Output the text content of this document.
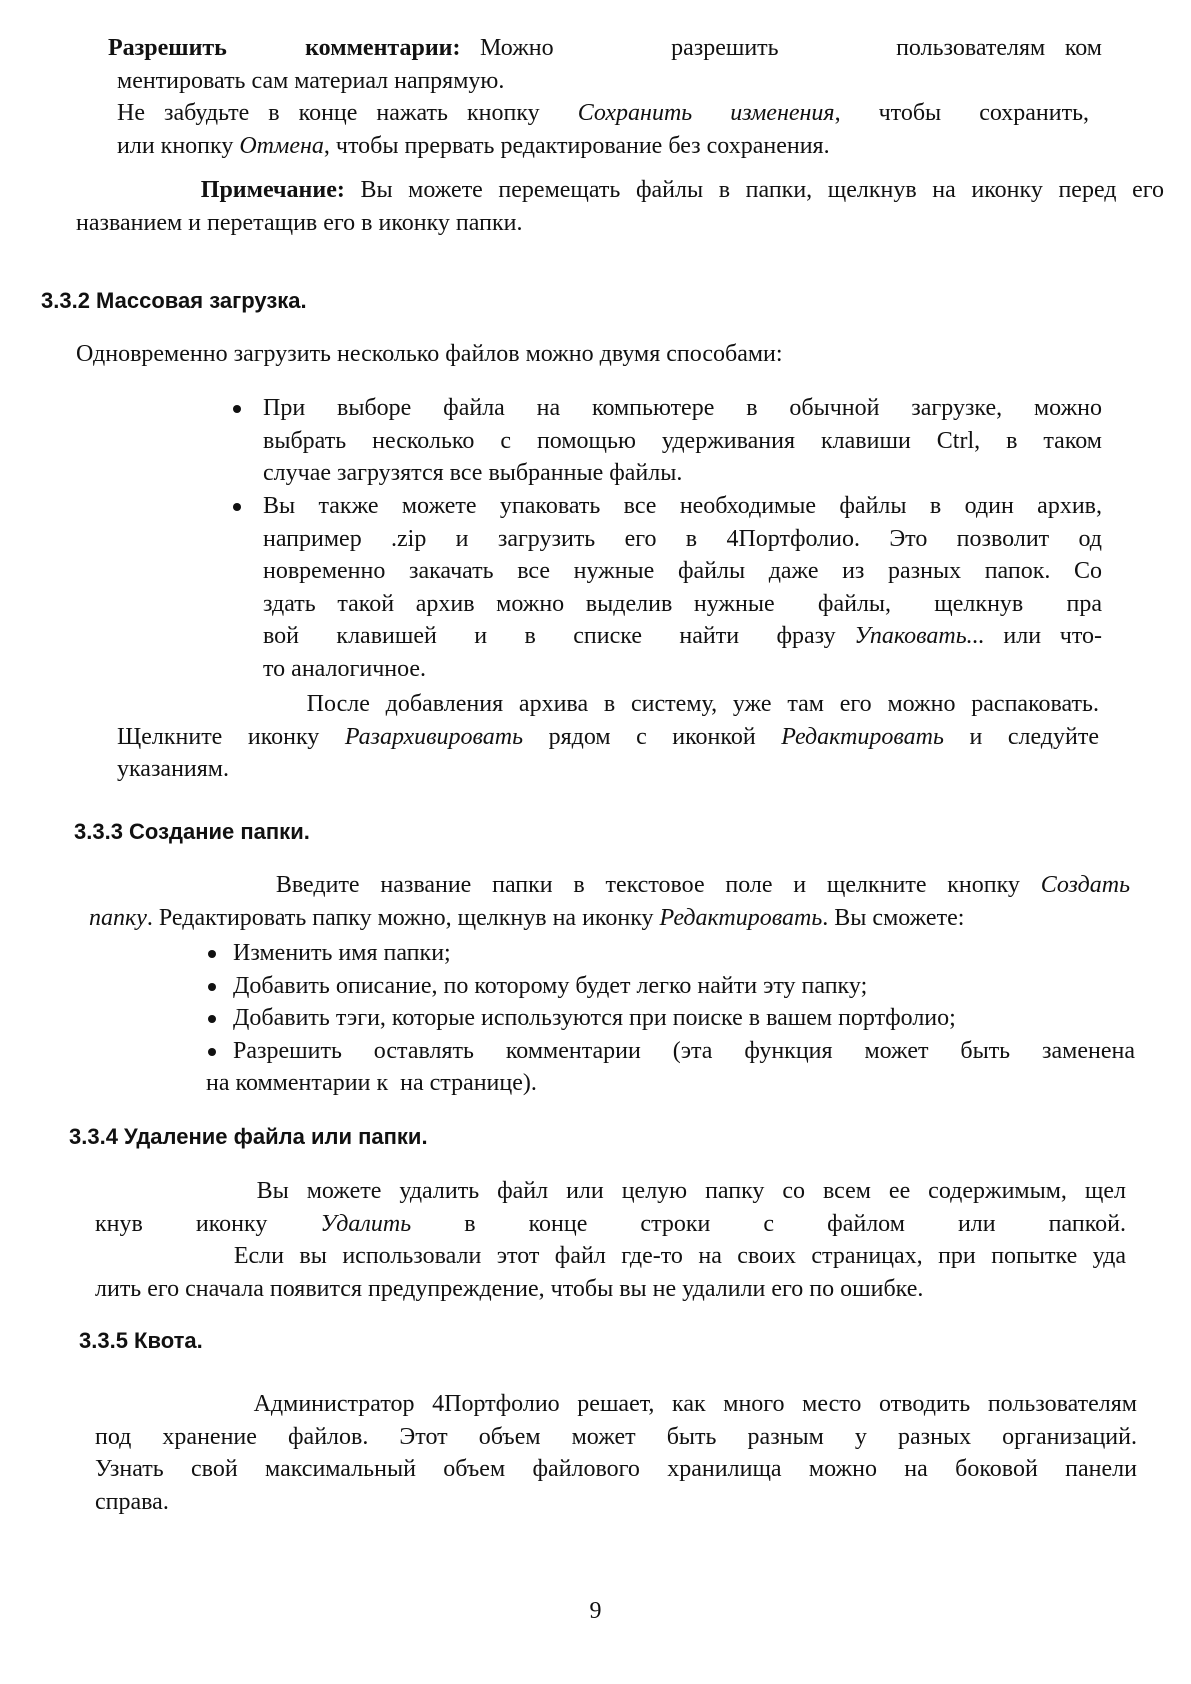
Разрешить    комментарии: Можно      разрешить      пользователям ком
ментировать сам материал напрямую.
Не забудьте в конце нажать кнопку  Сохранить  изменения,  чтобы  сохранить,
или кнопку Отмена, чтобы прервать редактирование без сохранения.
Примечание: Вы можете перемещать файлы в папки, щелкнув на иконку перед его
названием и перетащив его в иконку папки.
3.3.2 Массовая загрузка.
Одновременно загрузить несколько файлов можно двумя способами:
При выборе файла на компьютере в обычной загрузке, можно
выбрать несколько с помощью удерживания клавиши Ctrl, в таком
случае загрузятся все выбранные файлы.
Вы также можете упаковать все необходимые файлы в один архив,
например .zip и загрузить его в 4Портфолио. Это позволит од
новременно закачать все нужные файлы даже из разных папок. Со
здать такой архив можно выделив нужные  файлы,  щелкнув  пра
вой  клавишей  и  в  списке  найти  фразу Упаковать... или что-
то аналогичное.
После добавления архива в систему, уже там его можно распаковать.
Щелкните иконку Разархивировать рядом с иконкой Редактировать и следуйте
указаниям.
3.3.3 Создание папки.
Введите название папки в текстовое поле и щелкните кнопку Создать
папку. Редактировать папку можно, щелкнув на иконку Редактировать. Вы сможете:
Изменить имя папки;
Добавить описание, по которому будет легко найти эту папку;
Добавить тэги, которые используются при поиске в вашем портфолио;
Разрешить оставлять комментарии (эта функция может быть заменена
на комментарии к  на странице).
3.3.4 Удаление файла или папки.
Вы можете удалить файл или целую папку со всем ее содержимым, щел
кнув иконку Удалить в конце строки с файлом или папкой.
Если вы использовали этот файл где-то на своих страницах, при попытке уда
лить его сначала появится предупреждение, чтобы вы не удалили его по ошибке.
3.3.5 Квота.
Администратор 4Портфолио решает, как много место отводить пользователям
под хранение файлов. Этот объем может быть разным у разных организаций.
Узнать свой максимальный объем файлового хранилища можно на боковой панели
справа.
9
